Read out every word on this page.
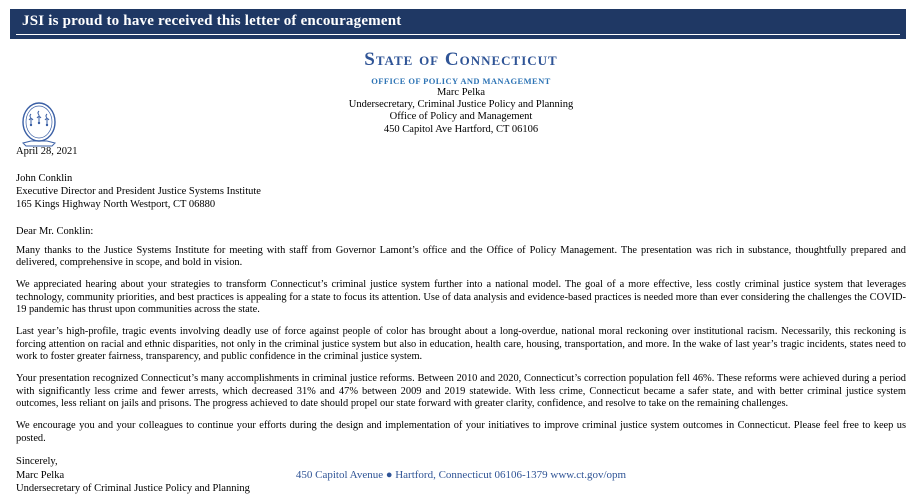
JSI is proud to have received this letter of encouragement
State of Connecticut
OFFICE OF POLICY AND MANAGEMENT
Marc Pelka
Undersecretary, Criminal Justice Policy and Planning
Office of Policy and Management
450 Capitol Ave Hartford, CT 06106
April 28, 2021
John Conklin
Executive Director and President Justice Systems Institute
165 Kings Highway North Westport, CT 06880
Dear Mr. Conklin:

Many thanks to the Justice Systems Institute for meeting with staff from Governor Lamont’s office and the Office of Policy Management. The presentation was rich in substance, thoughtfully prepared and delivered, comprehensive in scope, and bold in vision.

We appreciated hearing about your strategies to transform Connecticut’s criminal justice system further into a national model. The goal of a more effective, less costly criminal justice system that leverages technology, community priorities, and best practices is appealing for a state to focus its attention. Use of data analysis and evidence-based practices is needed more than ever considering the challenges the COVID-19 pandemic has thrust upon communities across the state.

Last year’s high-profile, tragic events involving deadly use of force against people of color has brought about a long-overdue, national moral reckoning over institutional racism. Necessarily, this reckoning is forcing attention on racial and ethnic disparities, not only in the criminal justice system but also in education, health care, housing, transportation, and more. In the wake of last year’s tragic incidents, states need to work to foster greater fairness, transparency, and public confidence in the criminal justice system.

Your presentation recognized Connecticut’s many accomplishments in criminal justice reforms. Between 2010 and 2020, Connecticut’s correction population fell 46%. These reforms were achieved during a period with significantly less crime and fewer arrests, which decreased 31% and 47% between 2009 and 2019 statewide. With less crime, Connecticut became a safer state, and with better criminal justice system outcomes, less reliant on jails and prisons. The progress achieved to date should propel our state forward with greater clarity, confidence, and resolve to take on the remaining challenges.

We encourage you and your colleagues to continue your efforts during the design and implementation of your initiatives to improve criminal justice system outcomes in Connecticut. Please feel free to keep us posted.

Sincerely,
Marc Pelka
Undersecretary of Criminal Justice Policy and Planning
450 Capitol Avenue ● Hartford, Connecticut 06106-1379 www.ct.gov/opm
